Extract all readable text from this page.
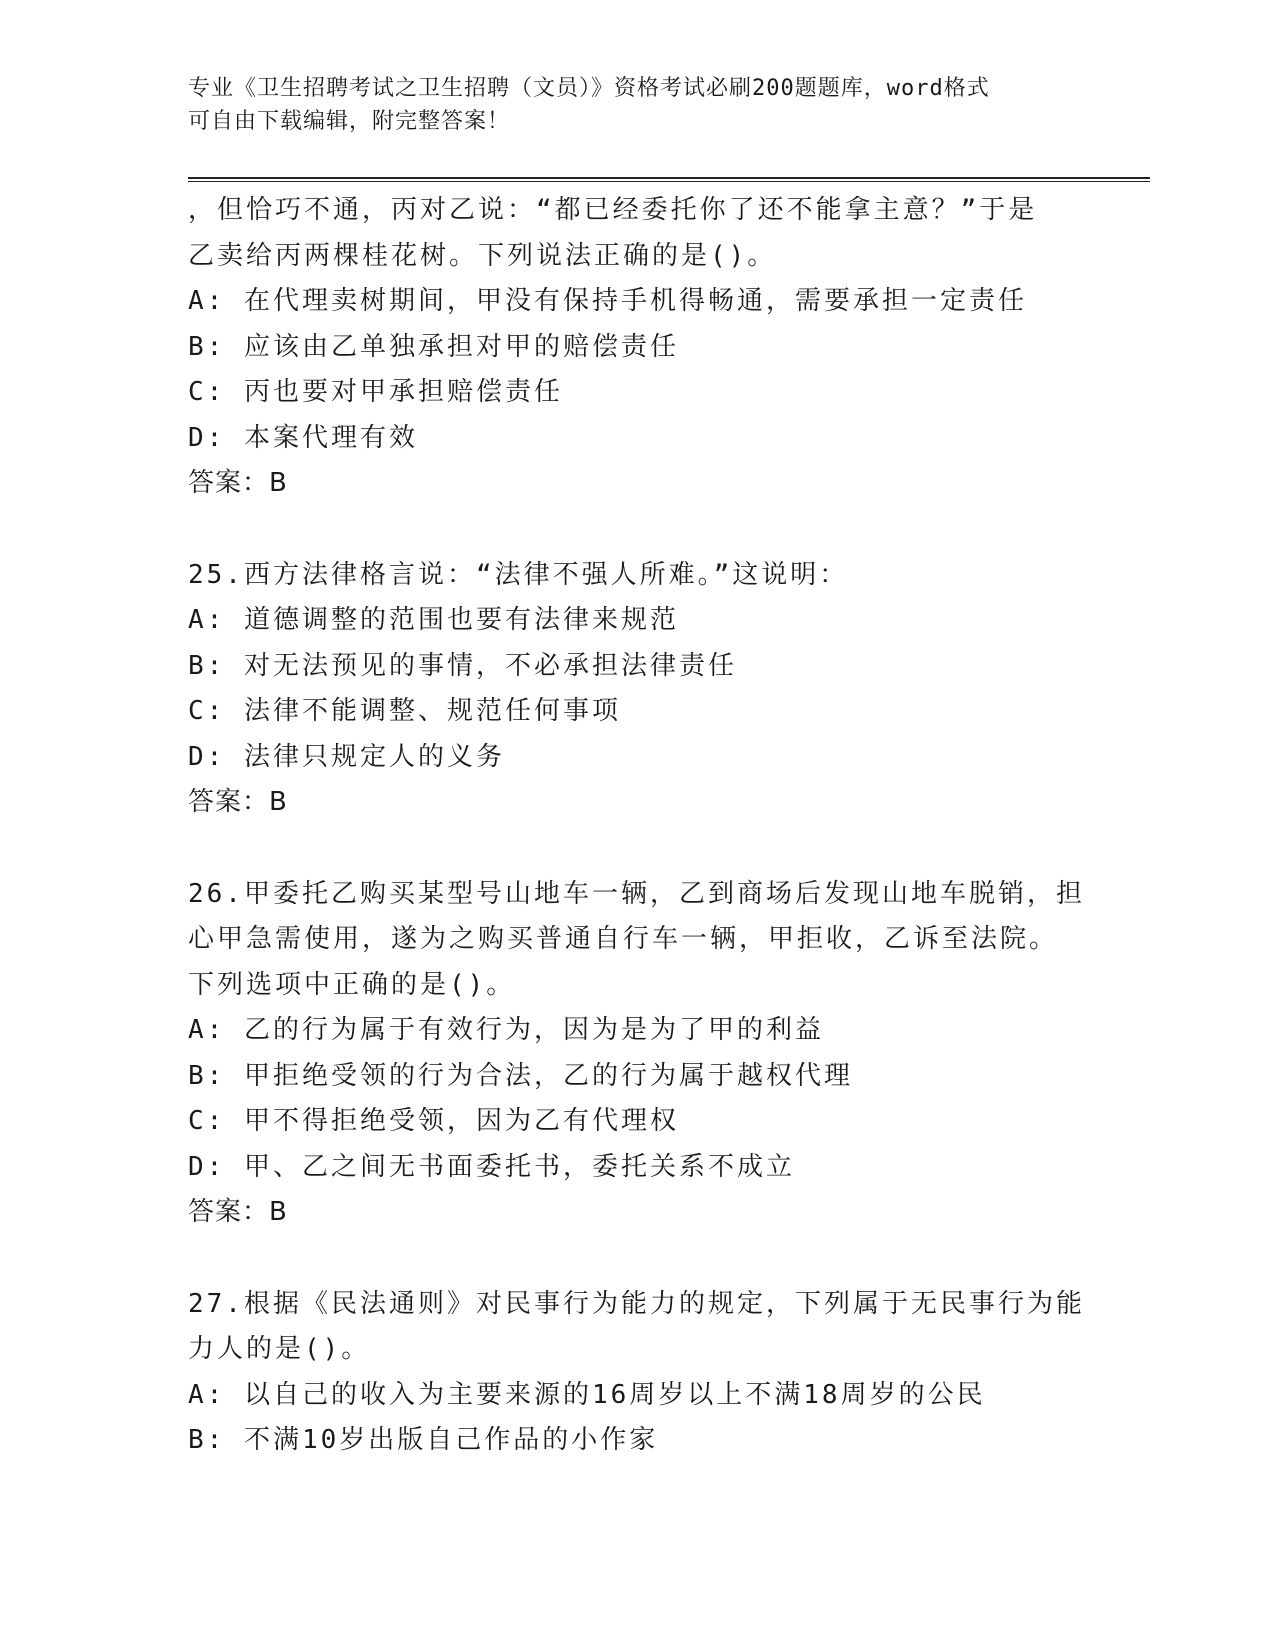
专业《卫生招聘考试之卫生招聘（文员）》资格考试必刷200题题库，word格式
可自由下载编辑，附完整答案！
，但恰巧不通，丙对乙说：“都已经委托你了还不能拿主意？”于是
乙卖给丙两棵桂花树。下列说法正确的是()。
A: 在代理卖树期间，甲没有保持手机得畅通，需要承担一定责任
B: 应该由乙单独承担对甲的赔偿责任
C: 丙也要对甲承担赔偿责任
D: 本案代理有效
答案：B
25.西方法律格言说：“法律不强人所难。”这说明：
A: 道德调整的范围也要有法律来规范
B: 对无法预见的事情，不必承担法律责任
C: 法律不能调整、规范任何事项
D: 法律只规定人的义务
答案：B
26.甲委托乙购买某型号山地车一辆，乙到商场后发现山地车脱销，担
心甲急需使用，遂为之购买普通自行车一辆，甲拒收，乙诉至法院。
下列选项中正确的是()。
A: 乙的行为属于有效行为，因为是为了甲的利益
B: 甲拒绝受领的行为合法，乙的行为属于越权代理
C: 甲不得拒绝受领，因为乙有代理权
D: 甲、乙之间无书面委托书，委托关系不成立
答案：B
27.根据《民法通则》对民事行为能力的规定，下列属于无民事行为能
力人的是()。
A: 以自己的收入为主要来源的16周岁以上不满18周岁的公民
B: 不满10岁出版自己作品的小作家
